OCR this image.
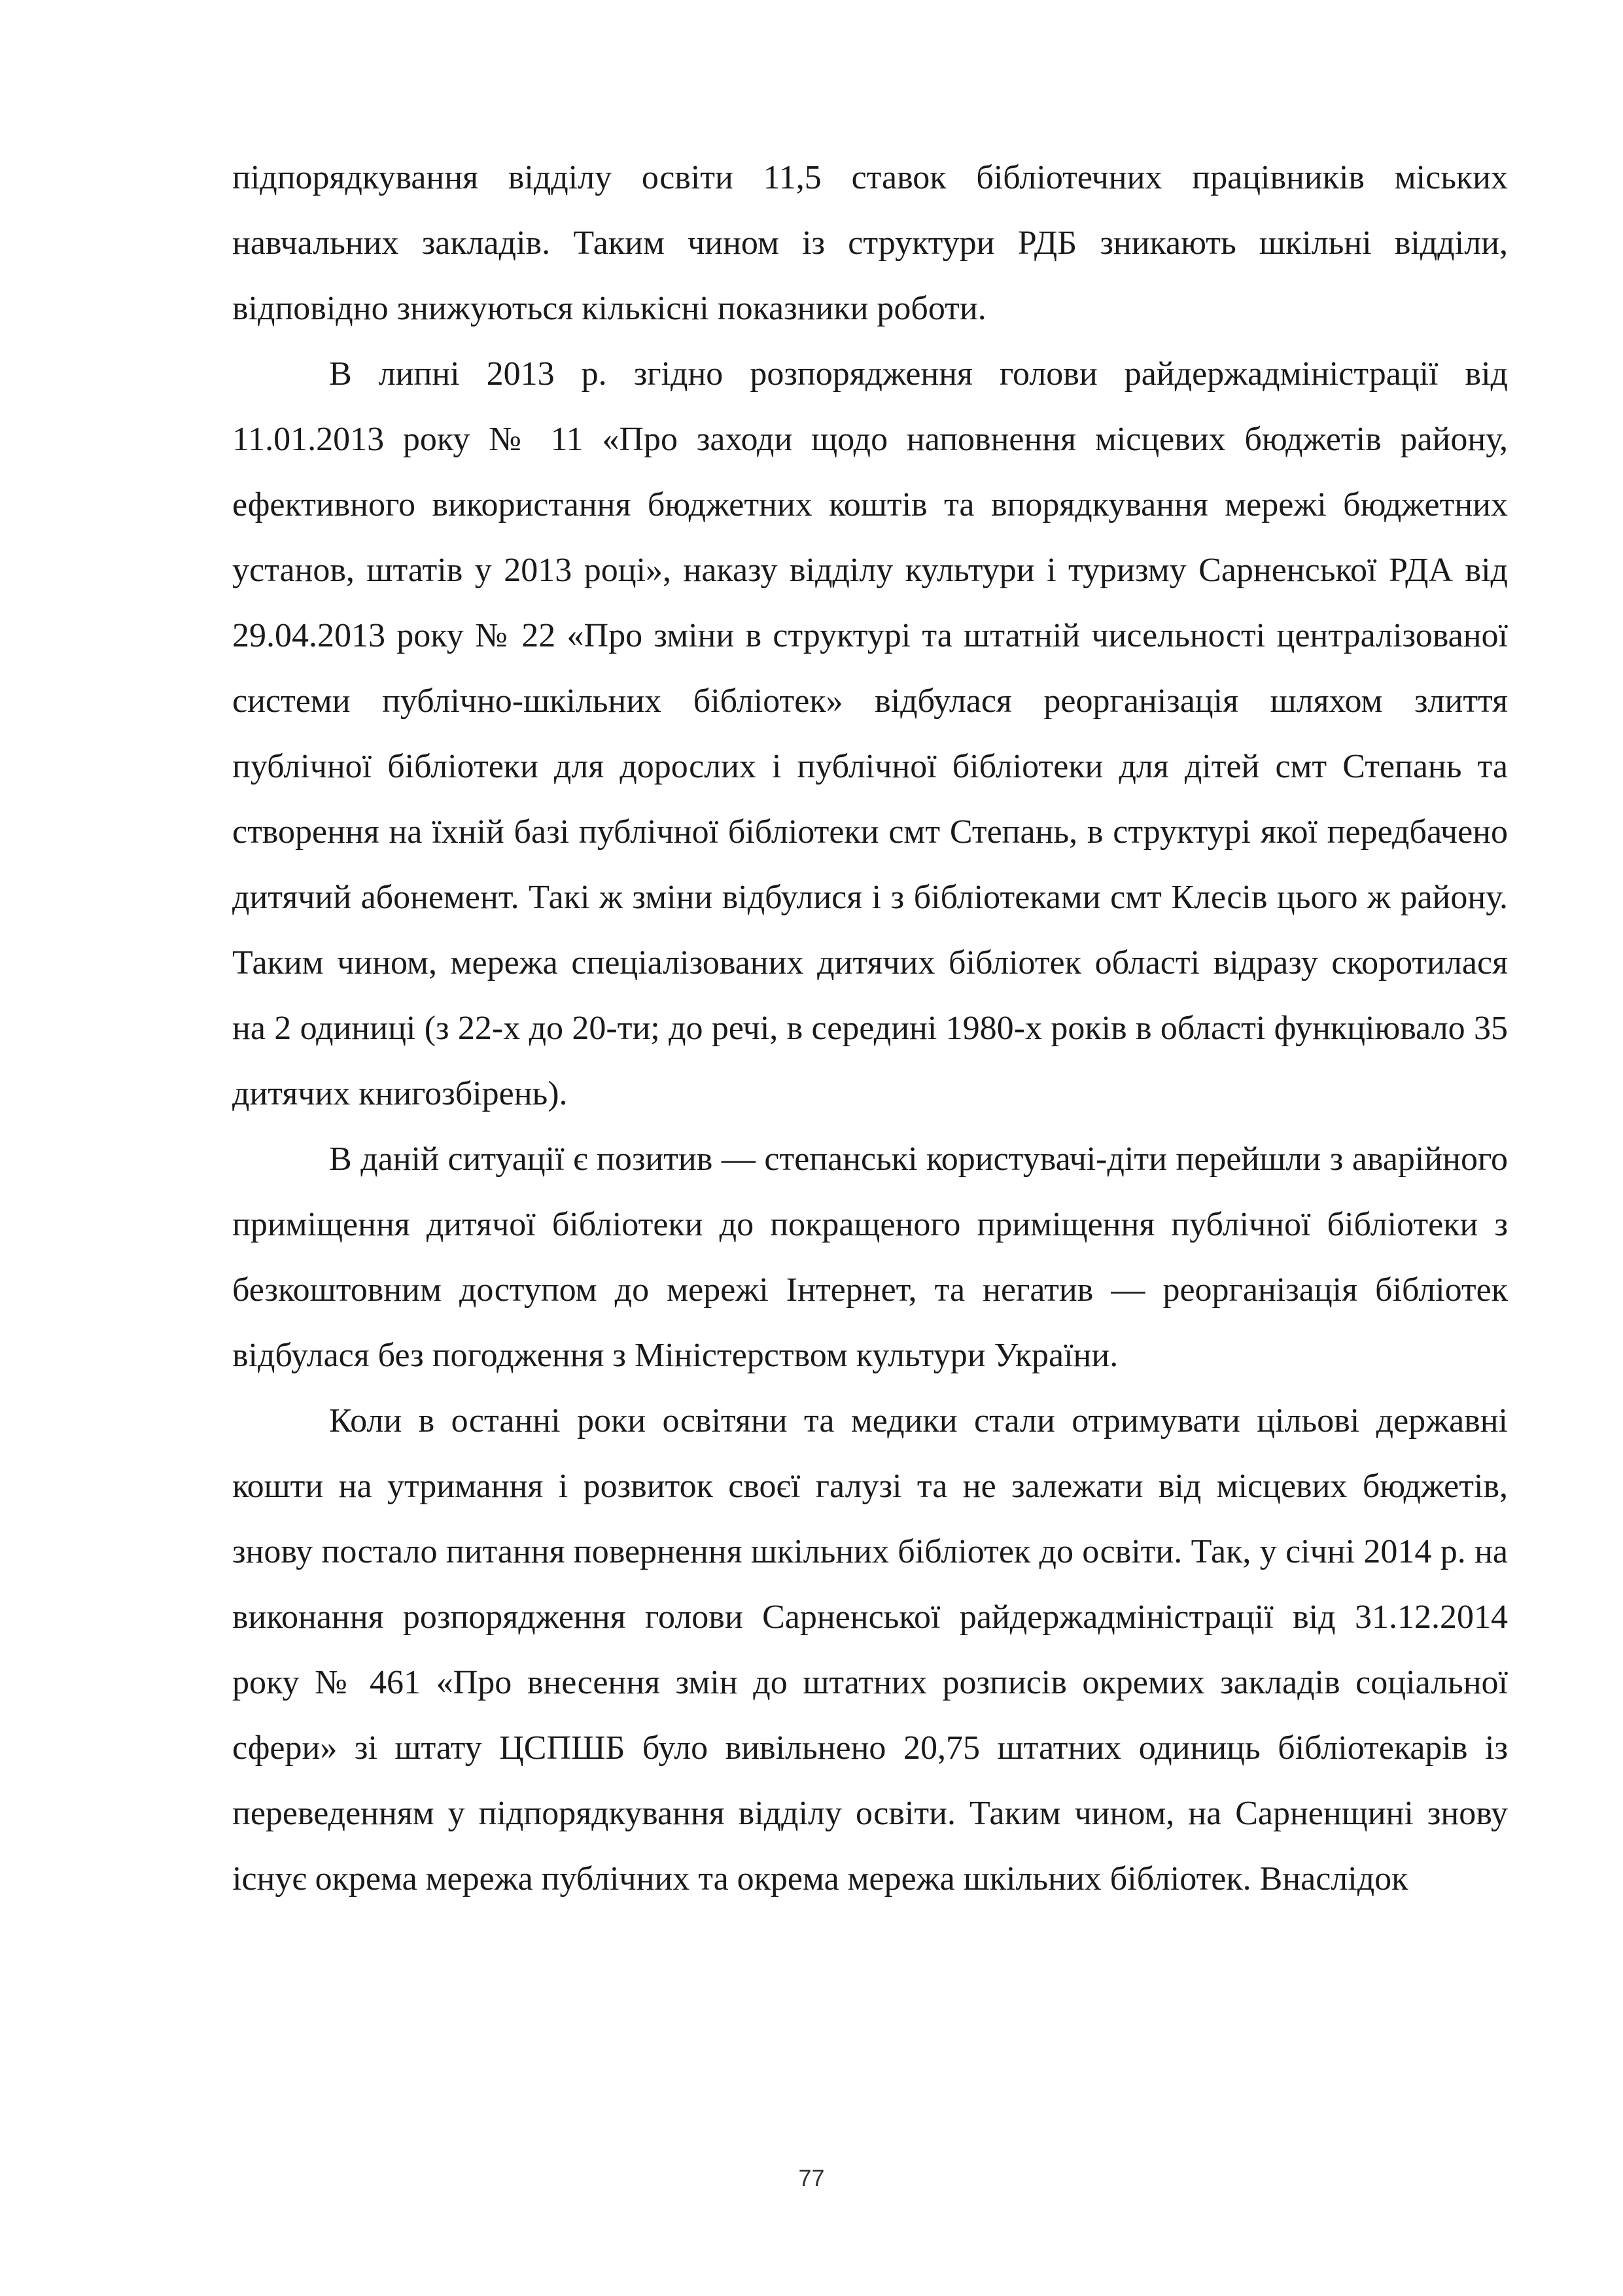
підпорядкування відділу освіти 11,5 ставок бібліотечних працівників міських навчальних закладів. Таким чином із структури РДБ зникають шкільні відділи, відповідно знижуються кількісні показники роботи.

В липні 2013 р. згідно розпорядження голови райдержадміністрації від 11.01.2013 року № 11 «Про заходи щодо наповнення місцевих бюджетів району, ефективного використання бюджетних коштів та впорядкування мережі бюджетних установ, штатів у 2013 році», наказу відділу культури і туризму Сарненської РДА від 29.04.2013 року № 22 «Про зміни в структурі та штатній чисельності централізованої системи публічно-шкільних бібліотек» відбулася реорганізація шляхом злиття публічної бібліотеки для дорослих і публічної бібліотеки для дітей смт Степань та створення на їхній базі публічної бібліотеки смт Степань, в структурі якої передбачено дитячий абонемент. Такі ж зміни відбулися і з бібліотеками смт Клесів цього ж району. Таким чином, мережа спеціалізованих дитячих бібліотек області відразу скоротилася на 2 одиниці (з 22-х до 20-ти; до речі, в середині 1980-х років в області функціювало 35 дитячих книгозбірень).

В даній ситуації є позитив — степанські користувачі-діти перейшли з аварійного приміщення дитячої бібліотеки до покращеного приміщення публічної бібліотеки з безкоштовним доступом до мережі Інтернет, та негатив — реорганізація бібліотек відбулася без погодження з Міністерством культури України.

Коли в останні роки освітяни та медики стали отримувати цільові державні кошти на утримання і розвиток своєї галузі та не залежати від місцевих бюджетів, знову постало питання повернення шкільних бібліотек до освіти. Так, у січні 2014 р. на виконання розпорядження голови Сарненської райдержадміністрації від 31.12.2014 року № 461 «Про внесення змін до штатних розписів окремих закладів соціальної сфери» зі штату ЦСПШБ було вивільнено 20,75 штатних одиниць бібліотекарів із переведенням у підпорядкування відділу освіти. Таким чином, на Сарненщині знову існує окрема мережа публічних та окрема мережа шкільних бібліотек. Внаслідок

77
